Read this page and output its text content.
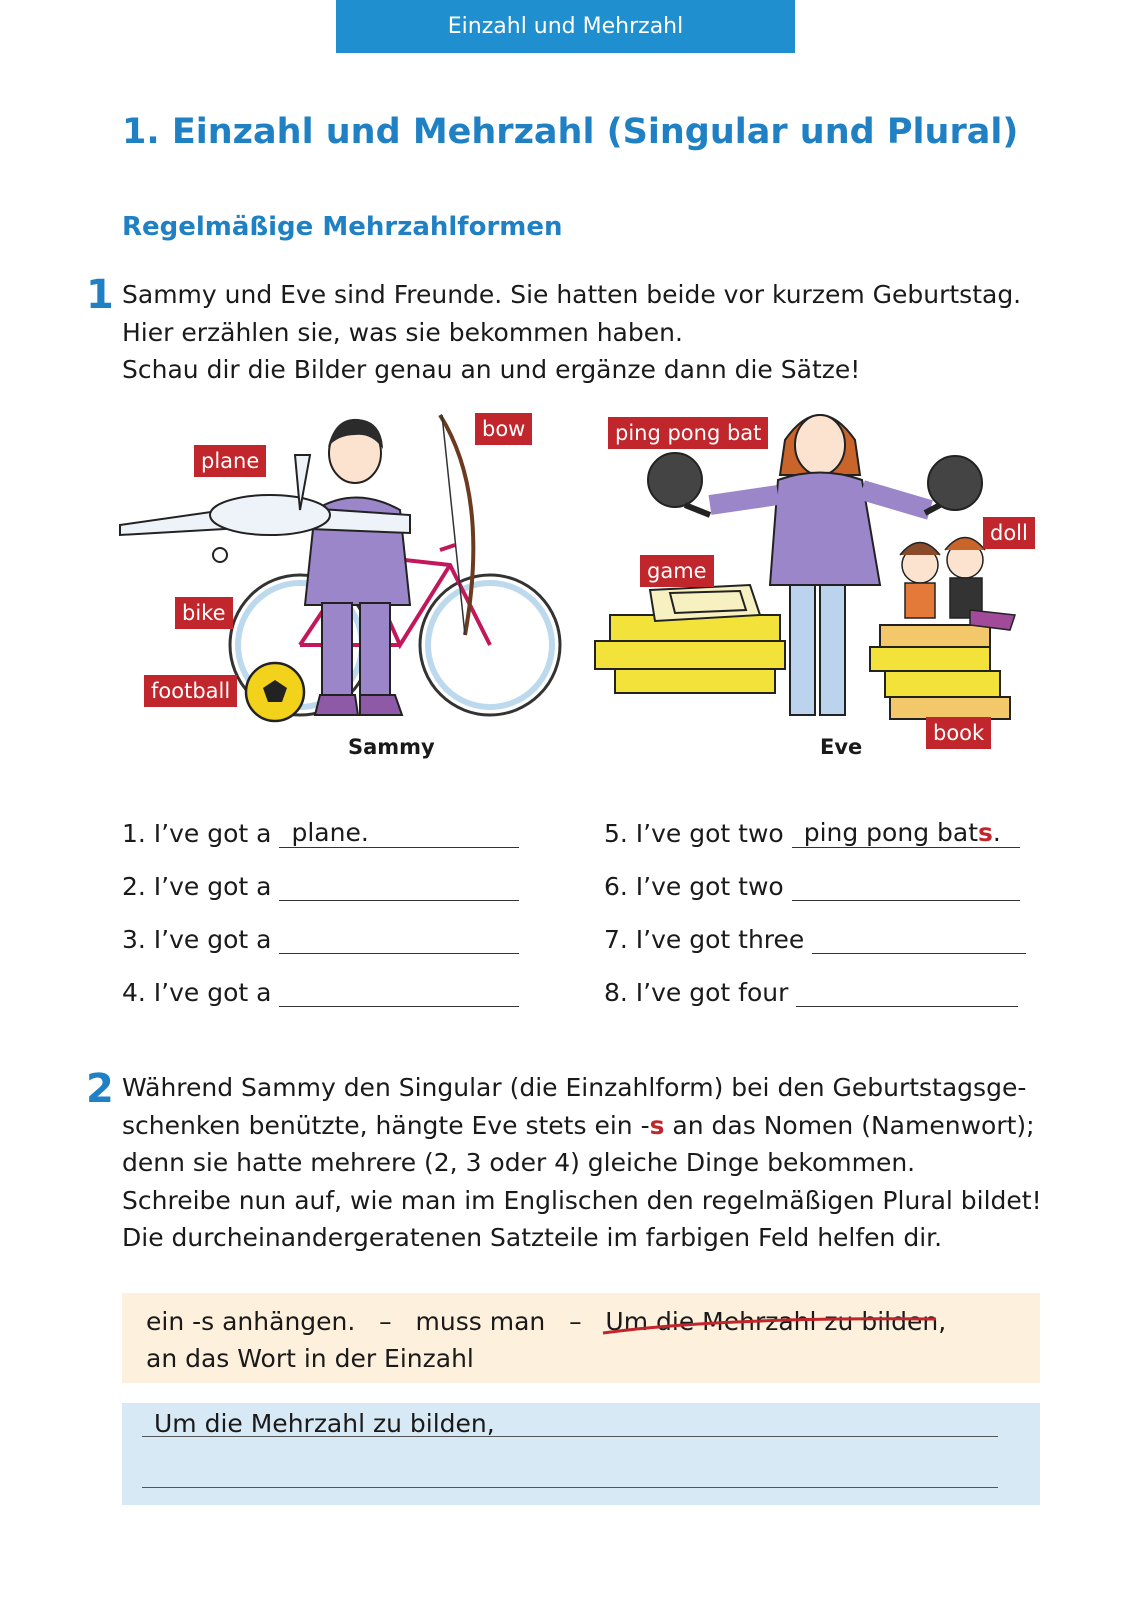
Einzahl und Mehrzahl
1. Einzahl und Mehrzahl (Singular und Plural)
Regelmäßige Mehrzahlformen
1 Sammy und Eve sind Freunde. Sie hatten beide vor kurzem Geburtstag.

Hier erzählen sie, was sie bekommen haben.

Schau dir die Bilder genau an und ergänze dann die Sätze!

plane
bow
bike
football
ping pong bat
doll
game
book
Sammy	Eve
1. I’ve got a plane.
2. I’ve got a
3. I’ve got a
4. I’ve got a
5. I’ve got two ping pong bats.
6. I’ve got two
7. I’ve got three
8. I’ve got four
2 Während Sammy den Singular (die Einzahlform) bei den Geburtstagsge-

schenken benützte, hängte Eve stets ein -s an das Nomen (Namenwort);

denn sie hatte mehrere (2, 3 oder 4) gleiche Dinge bekommen.

Schreibe nun auf, wie man im Englischen den regelmäßigen Plural bildet!

Die durcheinandergeratenen Satzteile im farbigen Feld helfen dir.

ein -s anhängen. – muss man – Um die Mehrzahl zu bilden
,
an das Wort in der Einzahl
Um die Mehrzahl zu bilden,
